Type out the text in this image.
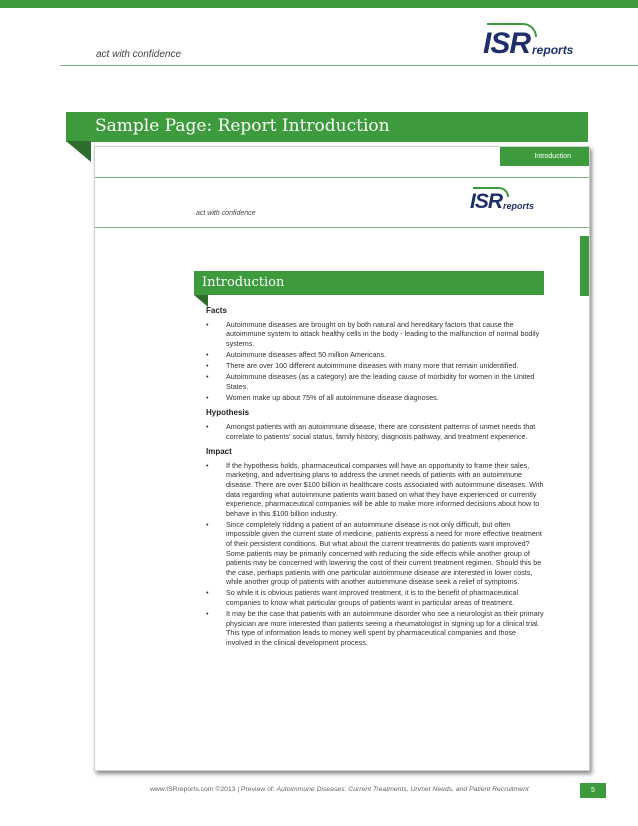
act with confidence	ISR reports
Sample Page: Report Introduction
Introduction
act with confidence
ISR reports
Introduction
Facts
• Autoimmune diseases are brought on by both natural and hereditary factors that cause the autoimmune system to attack healthy cells in the body - leading to the malfunction of normal bodily systems.
• Autoimmune diseases affect 50 million Americans.
• There are over 100 different autoimmune diseases with many more that remain unidentified.
• Autoimmune diseases (as a category) are the leading cause of morbidity for women in the United States.
• Women make up about 75% of all autoimmune disease diagnoses.
Hypothesis
• Amongst patients with an autoimmune disease, there are consistent patterns of unmet needs that correlate to patients' social status, family history, diagnosis pathway, and treatment experience.
Impact
• If the hypothesis holds, pharmaceutical companies will have an opportunity to frame their sales, marketing, and advertising plans to address the unmet needs of patients with an autoimmune disease. There are over $100 billion in healthcare costs associated with autoimmune diseases. With data regarding what autoimmune patients want based on what they have experienced or currently experience, pharmaceutical companies will be able to make more informed decisions about how to behave in this $100 billion industry.
• Since completely ridding a patient of an autoimmune disease is not only difficult, but often impossible given the current state of medicine, patients express a need for more effective treatment of their persistent conditions. But what about the current treatments do patients want improved? Some patients may be primarily concerned with reducing the side effects while another group of patients may be concerned with lowering the cost of their current treatment regimen. Should this be the case, perhaps patients with one particular autoimmune disease are interested in lower costs, while another group of patients with another autoimmune disease seek a relief of symptoms.
• So while it is obvious patients want improved treatment, it is to the benefit of pharmaceutical companies to know what particular groups of patients want in particular areas of treatment.
• It may be the case that patients with an autoimmune disorder who see a neurologist as their primary physician are more interested than patients seeing a rheumatologist in signing up for a clinical trial. This type of information leads to money well spent by pharmaceutical companies and those involved in the clinical development process.
www.ISRreports.com ©2013 | Preview of: Autoimmune Diseases: Current Treatments, Unmet Needs, and Patient Recruitment	5
